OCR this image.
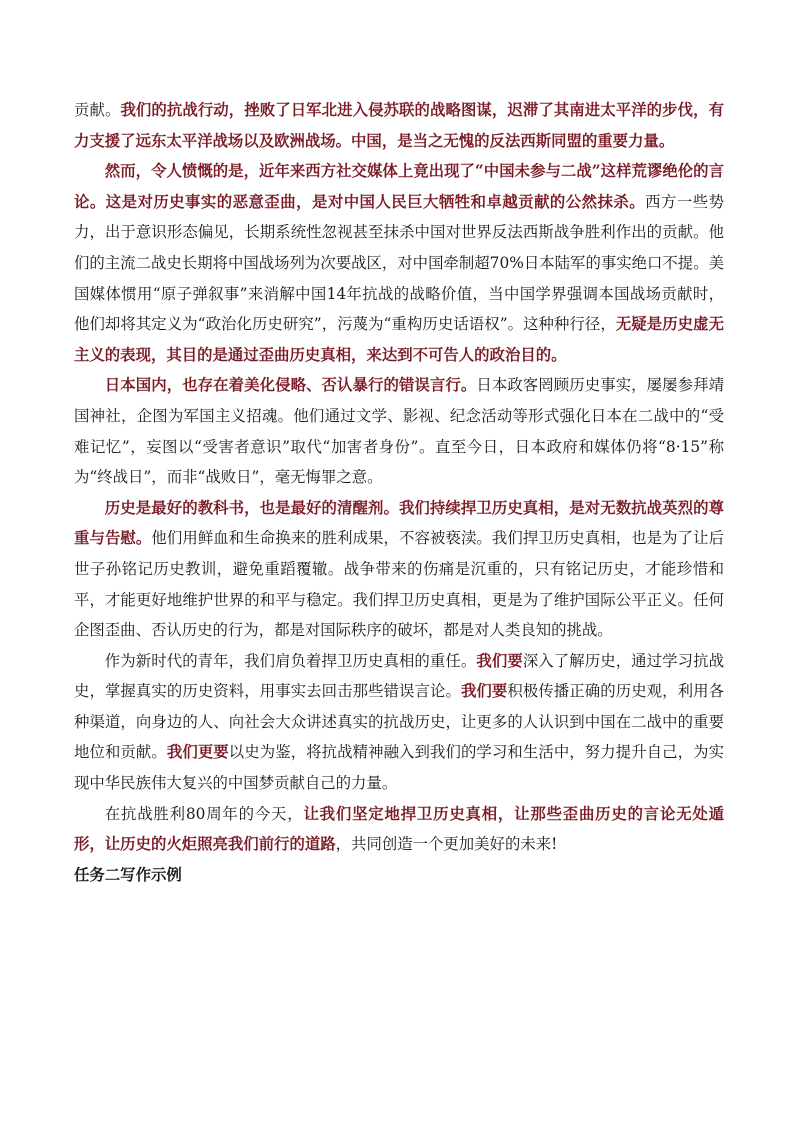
贡献。我们的抗战行动，挫败了日军北进入侵苏联的战略图谋，迟滞了其南进太平洋的步伐，有力支援了远东太平洋战场以及欧洲战场。中国，是当之无愧的反法西斯同盟的重要力量。

然而，令人愤慨的是，近年来西方社交媒体上竟出现了“中国未参与二战”这样荒谬绝伦的言论。这是对历史事实的恶意歪曲，是对中国人民巨大牺牲和卓越贡献的公然抹杀。西方一些势力，出于意识形态偏见，长期系统性忽视甚至抹杀中国对世界反法西斯战争胜利作出的贡献。他们的主流二战史长期将中国战场列为次要战区，对中国牵制超70%日本陆军的事实绝口不提。美国媒体惯用“原子弹叙事”来消解中国14年抗战的战略价值，当中国学界强调本国战场贡献时，他们却将其定义为“政治化历史研究”，污蔑为“重构历史话语权”。这种种行径，无疑是历史虚无主义的表现，其目的是通过歪曲历史真相，来达到不可告人的政治目的。

日本国内，也存在着美化侵略、否认暴行的错误言行。日本政客罔顾历史事实，屡屡参拜靖国神社，企图为军国主义招魂。他们通过文学、影视、纪念活动等形式强化日本在二战中的“受难记忆”，妄图以“受害者意识”取代“加害者身份”。直至今日，日本政府和媒体仍将“8·15”称为“终战日”，而非“战败日”，毫无悔罪之意。

历史是最好的教科书，也是最好的清醒剂。我们持续捍卫历史真相，是对无数抗战英烈的尊重与告慰。他们用鲜血和生命换来的胜利成果，不容被亵渎。我们捍卫历史真相，也是为了让后世子孙铭记历史教训，避免重蹈覆辙。战争带来的伤痛是沉重的，只有铭记历史，才能珍惜和平，才能更好地维护世界的和平与稳定。我们捍卫历史真相，更是为了维护国际公平正义。任何企图歪曲、否认历史的行为，都是对国际秩序的破坏，都是对人类良知的挑战。

作为新时代的青年，我们肩负着捍卫历史真相的重任。我们要深入了解历史，通过学习抗战史，掌握真实的历史资料，用事实去回击那些错误言论。我们要积极传播正确的历史观，利用各种渠道，向身边的人、向社会大众讲述真实的抗战历史，让更多的人认识到中国在二战中的重要地位和贡献。我们更要以史为鉴，将抗战精神融入到我们的学习和生活中，努力提升自己，为实现中华民族伟大复兴的中国梦贡献自己的力量。

在抗战胜利80周年的今天，让我们坚定地捍卫历史真相，让那些歪曲历史的言论无处遁形，让历史的火炬照亮我们前行的道路，共同创造一个更加美好的未来!

任务二写作示例
